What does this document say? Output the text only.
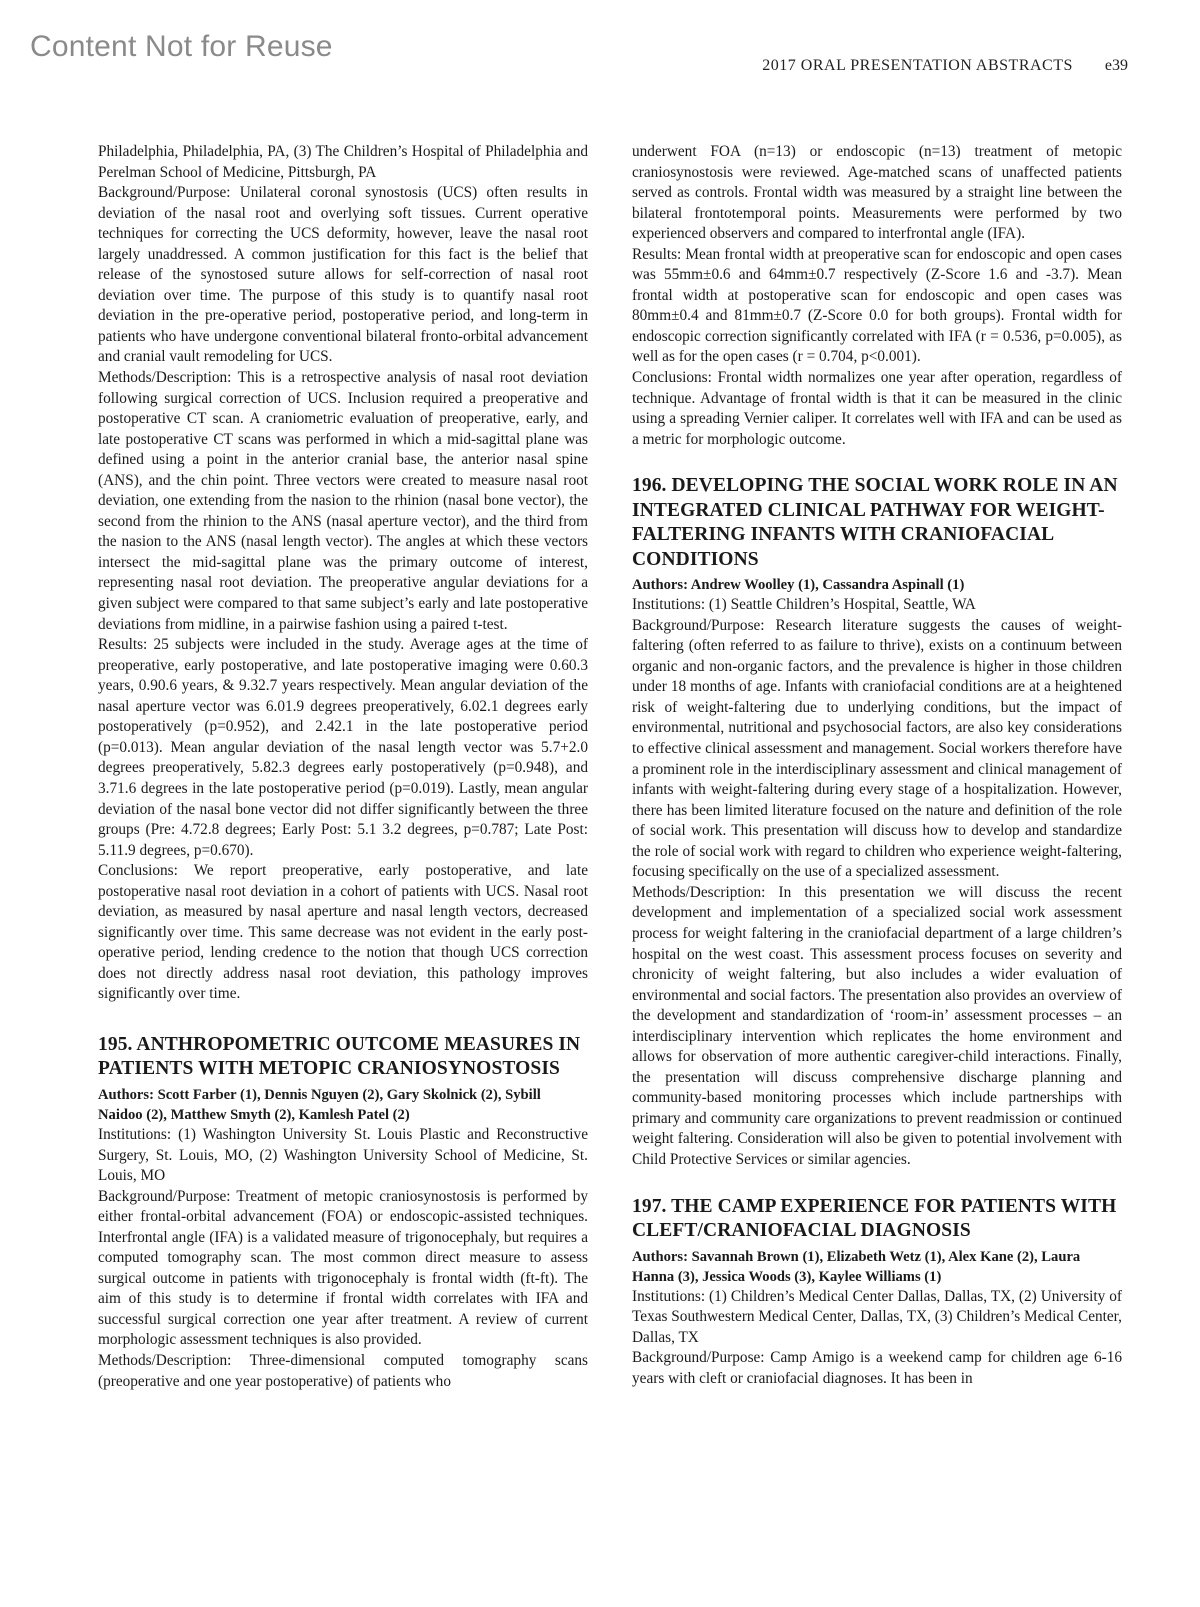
Content Not for Reuse
2017 ORAL PRESENTATION ABSTRACTS e39

Philadelphia, Philadelphia, PA, (3) The Children’s Hospital of Philadelphia and Perelman School of Medicine, Pittsburgh, PA

Background/Purpose: Unilateral coronal synostosis (UCS) often results in deviation of the nasal root and overlying soft tissues. Current operative techniques for correcting the UCS deformity, however, leave the nasal root largely unaddressed. A common justification for this fact is the belief that release of the synostosed suture allows for self-correction of nasal root deviation over time. The purpose of this study is to quantify nasal root deviation in the pre-operative period, postoperative period, and long-term in patients who have undergone conventional bilateral fronto-orbital advancement and cranial vault remodeling for UCS.

Methods/Description: This is a retrospective analysis of nasal root deviation following surgical correction of UCS. Inclusion required a preoperative and postoperative CT scan. A craniometric evaluation of preoperative, early, and late postoperative CT scans was performed in which a mid-sagittal plane was defined using a point in the anterior cranial base, the anterior nasal spine (ANS), and the chin point. Three vectors were created to measure nasal root deviation, one extending from the nasion to the rhinion (nasal bone vector), the second from the rhinion to the ANS (nasal aperture vector), and the third from the nasion to the ANS (nasal length vector). The angles at which these vectors intersect the mid-sagittal plane was the primary outcome of interest, representing nasal root deviation. The preoperative angular deviations for a given subject were compared to that same subject’s early and late postoperative deviations from midline, in a pairwise fashion using a paired t-test.

Results: 25 subjects were included in the study. Average ages at the time of preoperative, early postoperative, and late postoperative imaging were 0.60.3 years, 0.90.6 years, & 9.32.7 years respectively. Mean angular deviation of the nasal aperture vector was 6.01.9 degrees preoperatively, 6.02.1 degrees early postoperatively (p=0.952), and 2.42.1 in the late postoperative period (p=0.013). Mean angular deviation of the nasal length vector was 5.7+2.0 degrees preoperatively, 5.82.3 degrees early postoperatively (p=0.948), and 3.71.6 degrees in the late postoperative period (p=0.019). Lastly, mean angular deviation of the nasal bone vector did not differ significantly between the three groups (Pre: 4.72.8 degrees; Early Post: 5.1 3.2 degrees, p=0.787; Late Post: 5.11.9 degrees, p=0.670).

Conclusions: We report preoperative, early postoperative, and late postoperative nasal root deviation in a cohort of patients with UCS. Nasal root deviation, as measured by nasal aperture and nasal length vectors, decreased significantly over time. This same decrease was not evident in the early post-operative period, lending credence to the notion that though UCS correction does not directly address nasal root deviation, this pathology improves significantly over time.

195. ANTHROPOMETRIC OUTCOME MEASURES IN PATIENTS WITH METOPIC CRANIOSYNOSTOSIS

Authors: Scott Farber (1), Dennis Nguyen (2), Gary Skolnick (2), Sybill Naidoo (2), Matthew Smyth (2), Kamlesh Patel (2)

Institutions: (1) Washington University St. Louis Plastic and Reconstructive Surgery, St. Louis, MO, (2) Washington University School of Medicine, St. Louis, MO

Background/Purpose: Treatment of metopic craniosynostosis is performed by either frontal-orbital advancement (FOA) or endoscopic-assisted techniques. Interfrontal angle (IFA) is a validated measure of trigonocephaly, but requires a computed tomography scan. The most common direct measure to assess surgical outcome in patients with trigonocephaly is frontal width (ft-ft). The aim of this study is to determine if frontal width correlates with IFA and successful surgical correction one year after treatment. A review of current morphologic assessment techniques is also provided.

Methods/Description: Three-dimensional computed tomography scans (preoperative and one year postoperative) of patients who

underwent FOA (n=13) or endoscopic (n=13) treatment of metopic craniosynostosis were reviewed. Age-matched scans of unaffected patients served as controls. Frontal width was measured by a straight line between the bilateral frontotemporal points. Measurements were performed by two experienced observers and compared to interfrontal angle (IFA).

Results: Mean frontal width at preoperative scan for endoscopic and open cases was 55mm±0.6 and 64mm±0.7 respectively (Z-Score 1.6 and -3.7). Mean frontal width at postoperative scan for endoscopic and open cases was 80mm±0.4 and 81mm±0.7 (Z-Score 0.0 for both groups). Frontal width for endoscopic correction significantly correlated with IFA (r = 0.536, p=0.005), as well as for the open cases (r = 0.704, p<0.001).

Conclusions: Frontal width normalizes one year after operation, regardless of technique. Advantage of frontal width is that it can be measured in the clinic using a spreading Vernier caliper. It correlates well with IFA and can be used as a metric for morphologic outcome.

196. DEVELOPING THE SOCIAL WORK ROLE IN AN INTEGRATED CLINICAL PATHWAY FOR WEIGHT-FALTERING INFANTS WITH CRANIOFACIAL CONDITIONS

Authors: Andrew Woolley (1), Cassandra Aspinall (1)

Institutions: (1) Seattle Children’s Hospital, Seattle, WA

Background/Purpose: Research literature suggests the causes of weight-faltering (often referred to as failure to thrive), exists on a continuum between organic and non-organic factors, and the prevalence is higher in those children under 18 months of age. Infants with craniofacial conditions are at a heightened risk of weight-faltering due to underlying conditions, but the impact of environmental, nutritional and psychosocial factors, are also key considerations to effective clinical assessment and management. Social workers therefore have a prominent role in the interdisciplinary assessment and clinical management of infants with weight-faltering during every stage of a hospitalization. However, there has been limited literature focused on the nature and definition of the role of social work. This presentation will discuss how to develop and standardize the role of social work with regard to children who experience weight-faltering, focusing specifically on the use of a specialized assessment.

Methods/Description: In this presentation we will discuss the recent development and implementation of a specialized social work assessment process for weight faltering in the craniofacial department of a large children’s hospital on the west coast. This assessment process focuses on severity and chronicity of weight faltering, but also includes a wider evaluation of environmental and social factors. The presentation also provides an overview of the development and standardization of ‘room-in’ assessment processes – an interdisciplinary intervention which replicates the home environment and allows for observation of more authentic caregiver-child interactions. Finally, the presentation will discuss comprehensive discharge planning and community-based monitoring processes which include partnerships with primary and community care organizations to prevent readmission or continued weight faltering. Consideration will also be given to potential involvement with Child Protective Services or similar agencies.

197. THE CAMP EXPERIENCE FOR PATIENTS WITH CLEFT/CRANIOFACIAL DIAGNOSIS

Authors: Savannah Brown (1), Elizabeth Wetz (1), Alex Kane (2), Laura Hanna (3), Jessica Woods (3), Kaylee Williams (1)

Institutions: (1) Children’s Medical Center Dallas, Dallas, TX, (2) University of Texas Southwestern Medical Center, Dallas, TX, (3) Children’s Medical Center, Dallas, TX

Background/Purpose: Camp Amigo is a weekend camp for children age 6-16 years with cleft or craniofacial diagnoses. It has been in
